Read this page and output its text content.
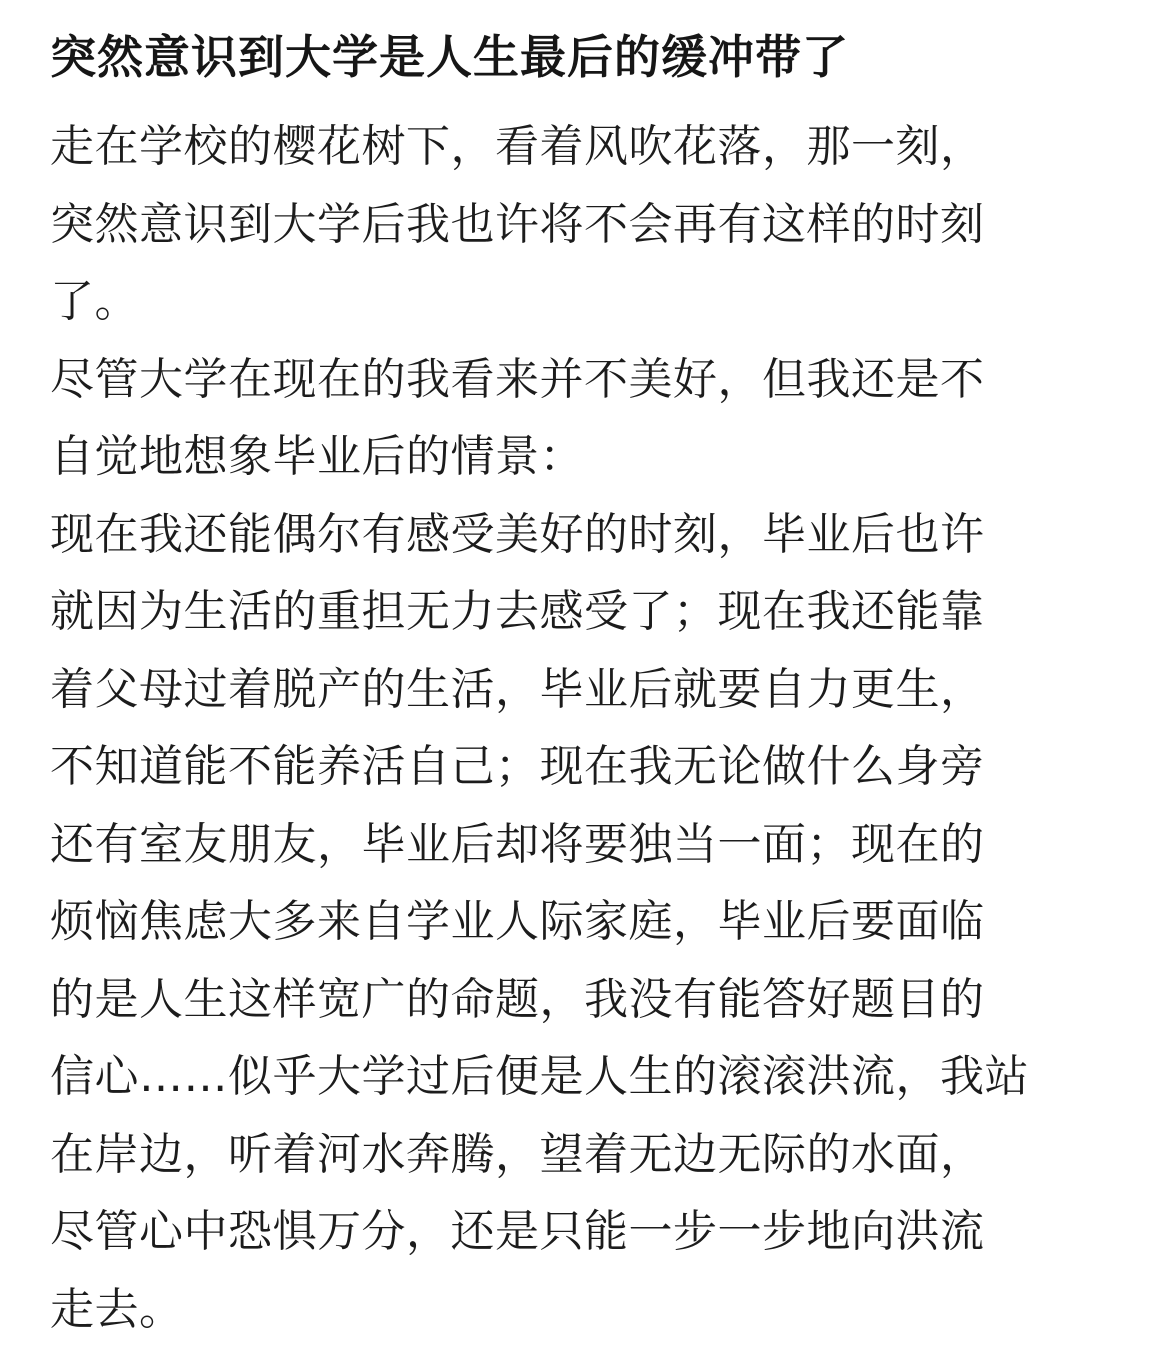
突然意识到大学是人生最后的缓冲带了
走在学校的樱花树下，看着风吹花落，那一刻，
突然意识到大学后我也许将不会再有这样的时刻
了。
尽管大学在现在的我看来并不美好，但我还是不
自觉地想象毕业后的情景：
现在我还能偶尔有感受美好的时刻，毕业后也许
就因为生活的重担无力去感受了；现在我还能靠
着父母过着脱产的生活，毕业后就要自力更生，
不知道能不能养活自己；现在我无论做什么身旁
还有室友朋友，毕业后却将要独当一面；现在的
烦恼焦虑大多来自学业人际家庭，毕业后要面临
的是人生这样宽广的命题，我没有能答好题目的
信心……似乎大学过后便是人生的滚滚洪流，我站
在岸边，听着河水奔腾，望着无边无际的水面，
尽管心中恐惧万分，还是只能一步一步地向洪流
走去。
